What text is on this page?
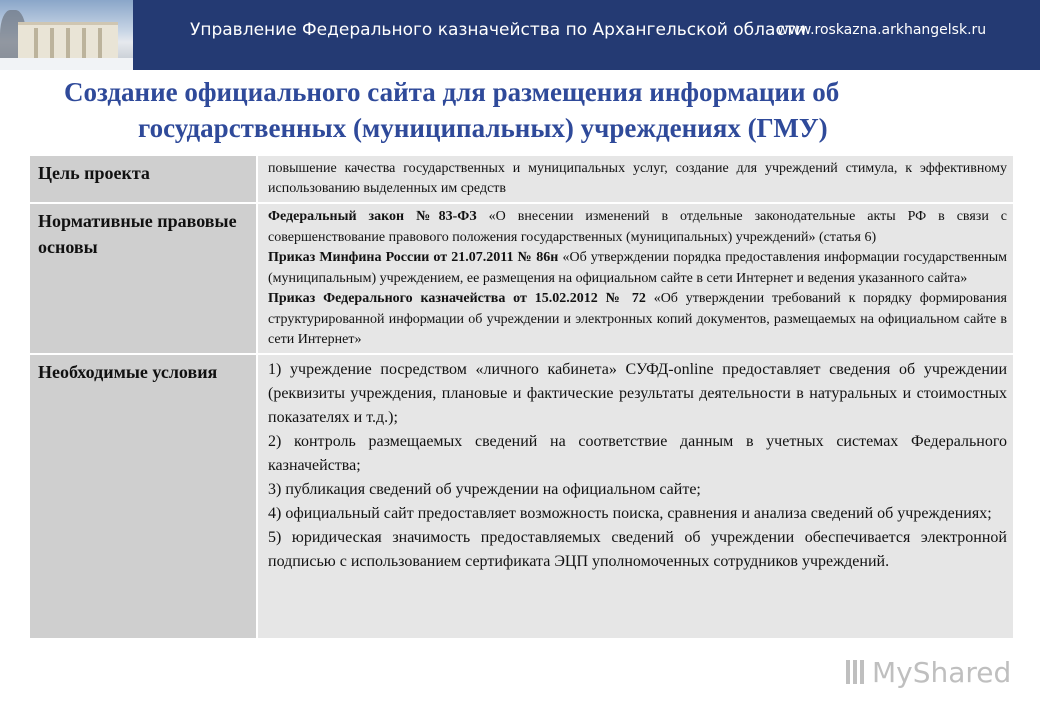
Управление Федерального казначейства по Архангельской области
www.roskazna.arkhangelsk.ru
Создание официального сайта для размещения информации об
государственных (муниципальных) учреждениях (ГМУ)
Цель проекта	повышение качества государственных и муниципальных услуг, создание для учреждений стимула, к эффективному использованию выделенных им средств
Нормативные правовые основы	Федеральный закон №83-ФЗ «О внесении изменений в отдельные законодательные акты РФ в связи с совершенствование правового положения государственных (муниципальных) учреждений» (статья 6)

Приказ Минфина России от 21.07.2011 № 86н «Об утверждении порядка предоставления информации государственным (муниципальным) учреждением, ее размещения на официальном сайте в сети Интернет и ведения указанного сайта»

Приказ Федерального казначейства от 15.02.2012 № 72 «Об утверждении требований к порядку формирования структурированной информации об учреждении и электронных копий документов, размещаемых на официальном сайте в сети Интернет»

Необходимые условия	1) учреждение посредством «личного кабинета» СУФД-online предоставляет сведения об учреждении (реквизиты учреждения, плановые и фактические результаты деятельности в натуральных и стоимостных показателях и т.д.);

2) контроль размещаемых сведений на соответствие данным в учетных системах Федерального казначейства;

3) публикация сведений об учреждении на официальном сайте;

4) официальный сайт предоставляет возможность поиска, сравнения и анализа сведений об учреждениях;

5) юридическая значимость предоставляемых сведений об учреждении обеспечивается электронной подписью с использованием сертификата ЭЦП уполномоченных сотрудников учреждений.

MyShared
